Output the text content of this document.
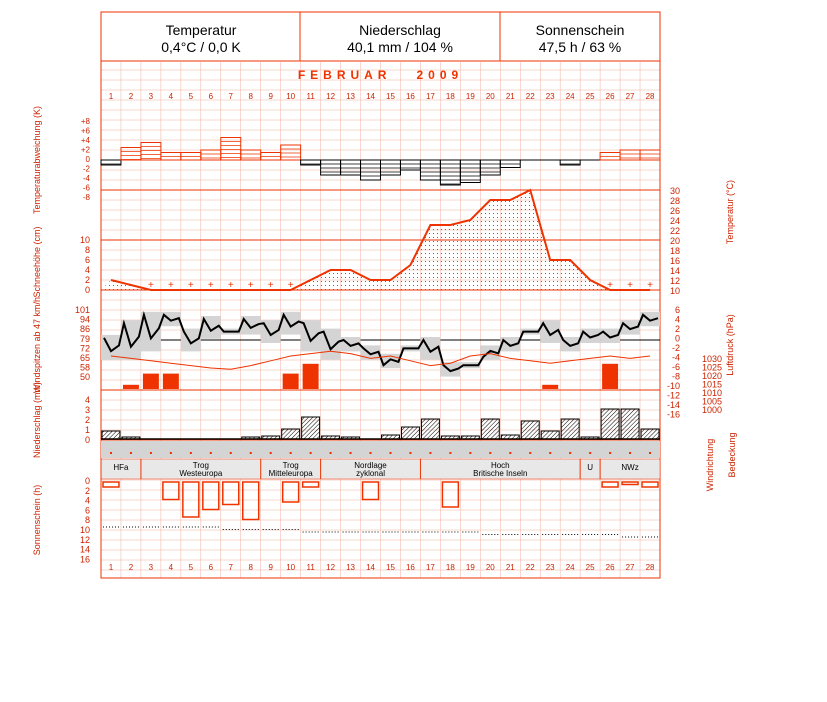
Temperatur
0,4°C / 0,0 K
Niederschlag
40,1 mm / 104 %
Sonnenschein
47,5 h / 63 %
FEBRUAR   2009
1
1
2
2
3
3
4
4
5
5
6
6
7
7
8
8
9
9
10
10
11
11
12
12
13
13
14
14
15
15
16
16
17
17
18
18
19
19
20
20
21
21
22
22
23
23
24
24
25
25
26
26
27
27
28
28
+8
+6
+4
+2
0
-2
-4
-6
-8
Temperaturabweichung (K)
10
8
6
4
2
0
Schneehöhe (cm)
30
28
26
24
22
20
18
16
14
12
10
Temperatur (°C)
+ + + + + + + +	+ + +
101
94
86
79
72
65
58
50
Windspitzen ab 47 km/h	6
4
2
0
-2
-4
-6
-8
-10
-12
-14
-16
1030
1025
1020
1015
1010
1005
1000
Luftdruck (hPa)
4
3
2
1
0
Niederschlag (mm)
Windrichtung Bedeckung
HFa	Trog
Westeuropa
Trog
Mitteleuropa
Nordlage
zyklonal
Hoch
Britische Inseln
U	NWz
0
2
4
6
8
10
12
14
16
Sonnenschein (h)
